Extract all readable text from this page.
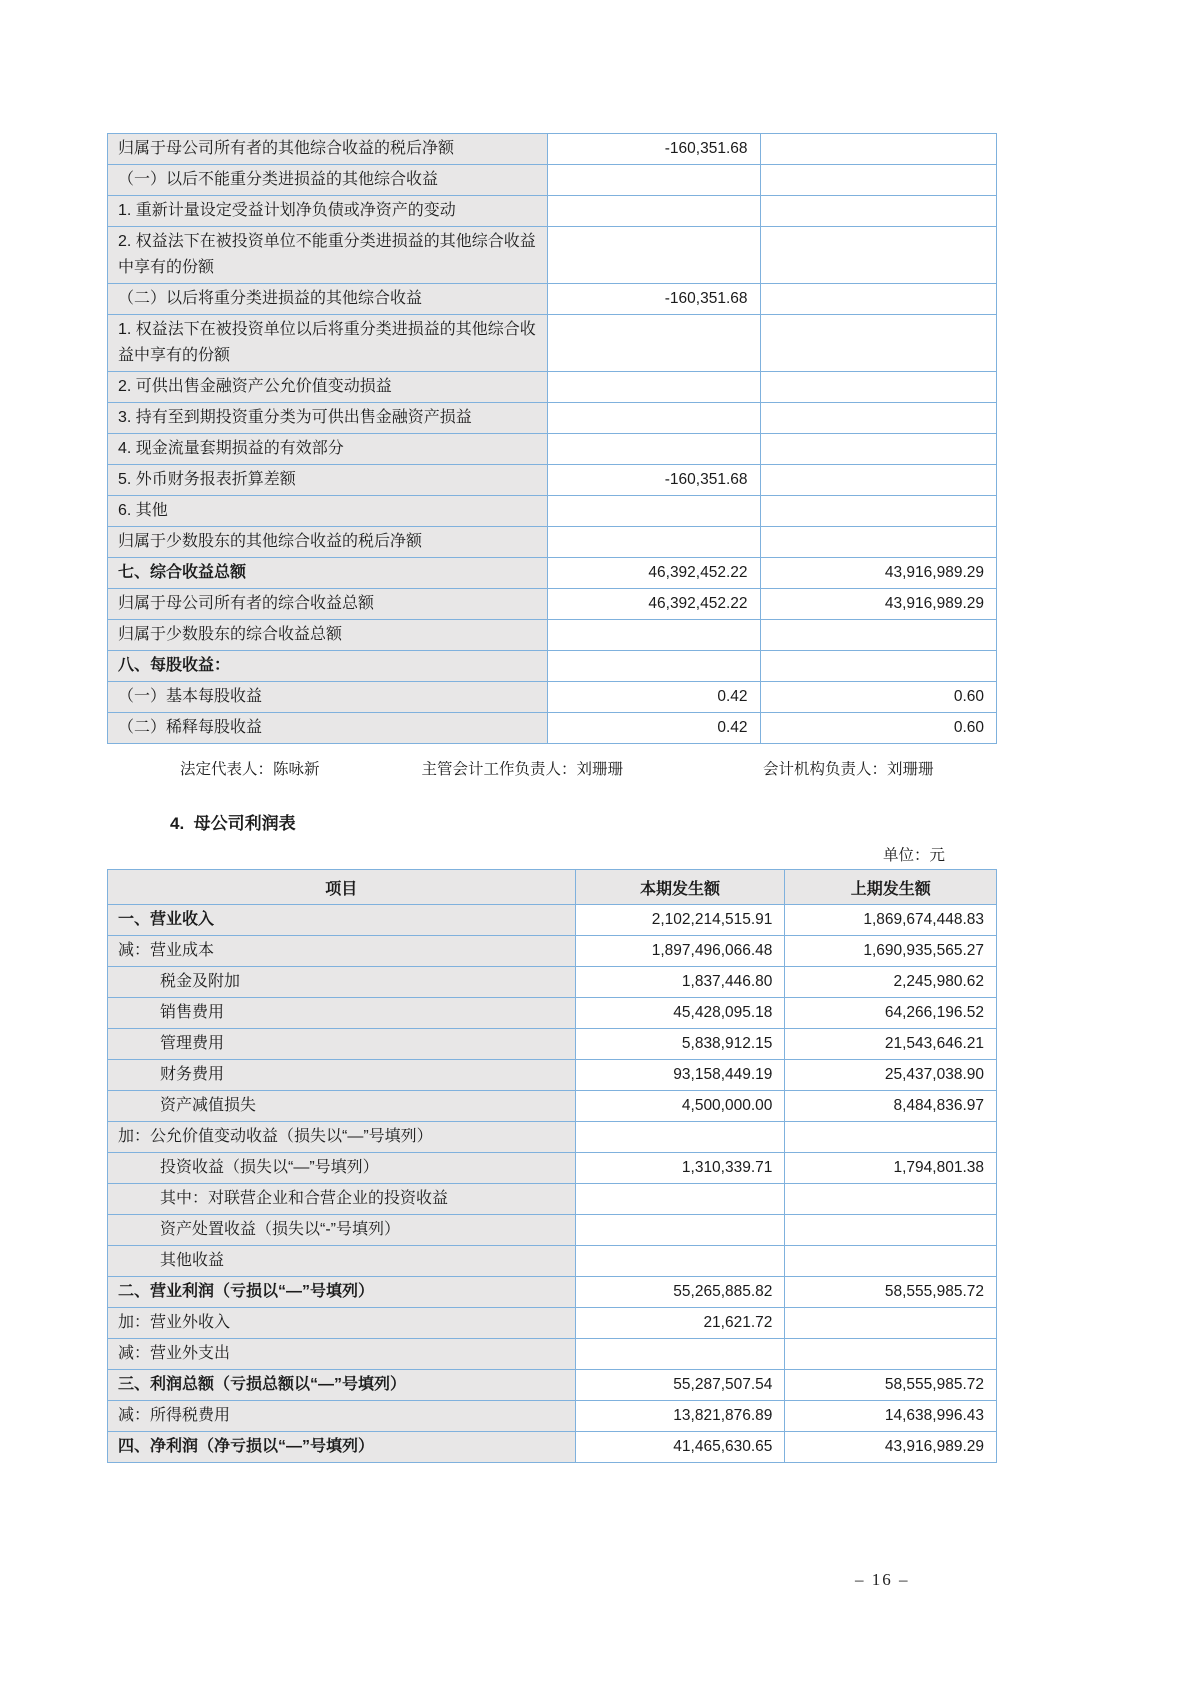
归属于母公司所有者的其他综合收益的税后净额	-160,351.68	
（一）以后不能重分类进损益的其他综合收益		
1. 重新计量设定受益计划净负债或净资产的变动		
2. 权益法下在被投资单位不能重分类进损益的其他综合收益中享有的份额		
（二）以后将重分类进损益的其他综合收益	-160,351.68	
1. 权益法下在被投资单位以后将重分类进损益的其他综合收益中享有的份额		
2. 可供出售金融资产公允价值变动损益		
3. 持有至到期投资重分类为可供出售金融资产损益		
4. 现金流量套期损益的有效部分		
5. 外币财务报表折算差额	-160,351.68	
6. 其他		
归属于少数股东的其他综合收益的税后净额		
七、综合收益总额	46,392,452.22	43,916,989.29
归属于母公司所有者的综合收益总额	46,392,452.22	43,916,989.29
归属于少数股东的综合收益总额		
八、每股收益：		
（一）基本每股收益	0.42	0.60
（二）稀释每股收益	0.42	0.60
法定代表人：陈咏新	主管会计工作负责人：刘珊珊	会计机构负责人：刘珊珊
4.  母公司利润表
单位：元
项目	本期发生额	上期发生额
一、营业收入	2,102,214,515.91	1,869,674,448.83
减：营业成本	1,897,496,066.48	1,690,935,565.27
税金及附加	1,837,446.80	2,245,980.62
销售费用	45,428,095.18	64,266,196.52
管理费用	5,838,912.15	21,543,646.21
财务费用	93,158,449.19	25,437,038.90
资产减值损失	4,500,000.00	8,484,836.97
加：公允价值变动收益（损失以“—”号填列）		
投资收益（损失以“—”号填列）	1,310,339.71	1,794,801.38
其中：对联营企业和合营企业的投资收益		
资产处置收益（损失以“-”号填列）		
其他收益		
二、营业利润（亏损以“—”号填列）	55,265,885.82	58,555,985.72
加：营业外收入	21,621.72	
减：营业外支出		
三、利润总额（亏损总额以“—”号填列）	55,287,507.54	58,555,985.72
减：所得税费用	13,821,876.89	14,638,996.43
四、净利润（净亏损以“—”号填列）	41,465,630.65	43,916,989.29
– 16 –
